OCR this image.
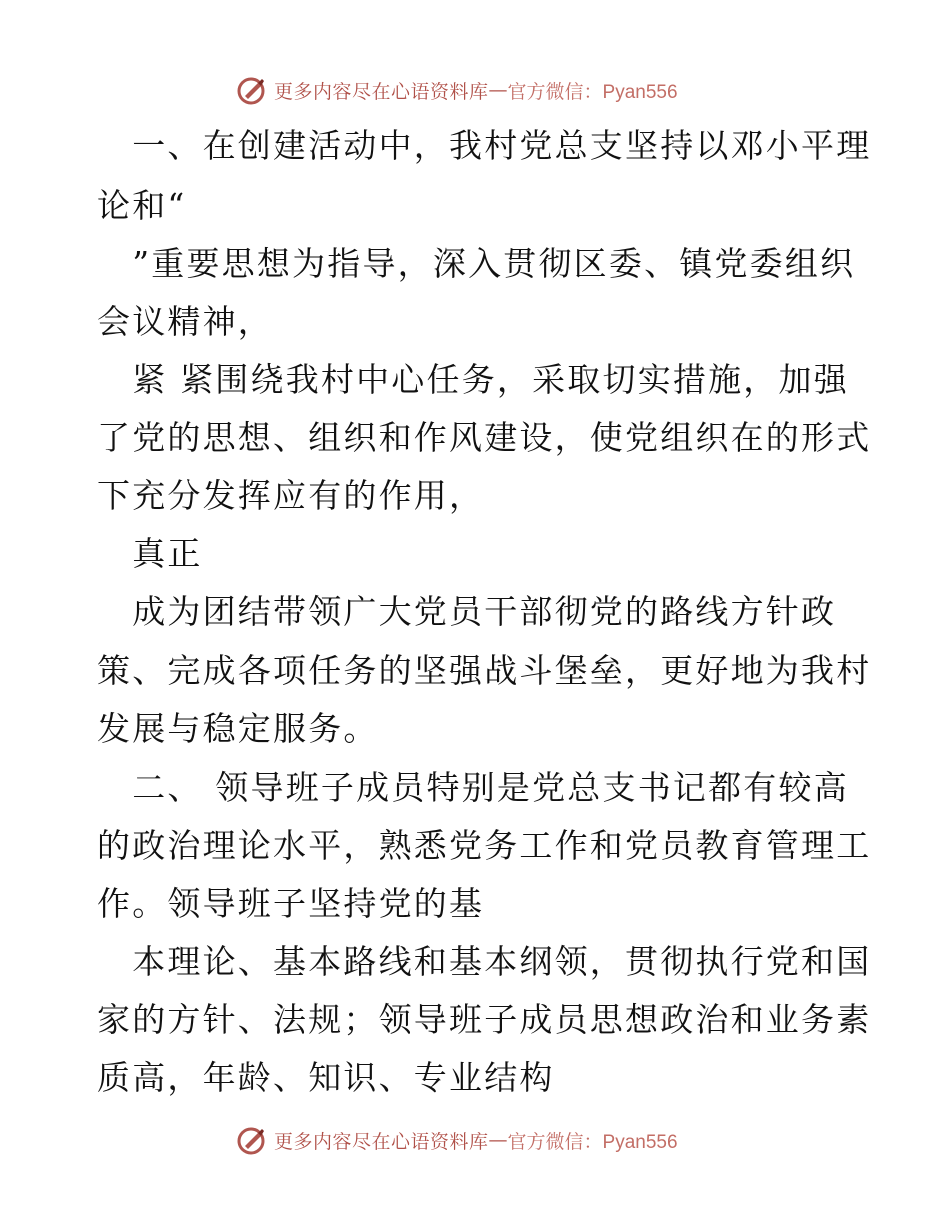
更多内容尽在心语资料库 — 官方微信：Pyan556
　一、在创建活动中，我村党总支坚持以邓小平理
论和“
　”重要思想为指导，深入贯彻区委、镇党委组织
会议精神，
　紧 紧围绕我村中心任务，采取切实措施，加强
了党的思想、组织和作风建设，使党组织在的形式
下充分发挥应有的作用，
　真正
　成为团结带领广大党员干部彻党的路线方针政
策、完成各项任务的坚强战斗堡垒，更好地为我村
发展与稳定服务。
　二、 领导班子成员特别是党总支书记都有较高
的政治理论水平，熟悉党务工作和党员教育管理工
作。领导班子坚持党的基
　本理论、基本路线和基本纲领，贯彻执行党和国
家的方针、法规；领导班子成员思想政治和业务素
质高，年龄、知识、专业结构
更多内容尽在心语资料库 — 官方微信：Pyan556
